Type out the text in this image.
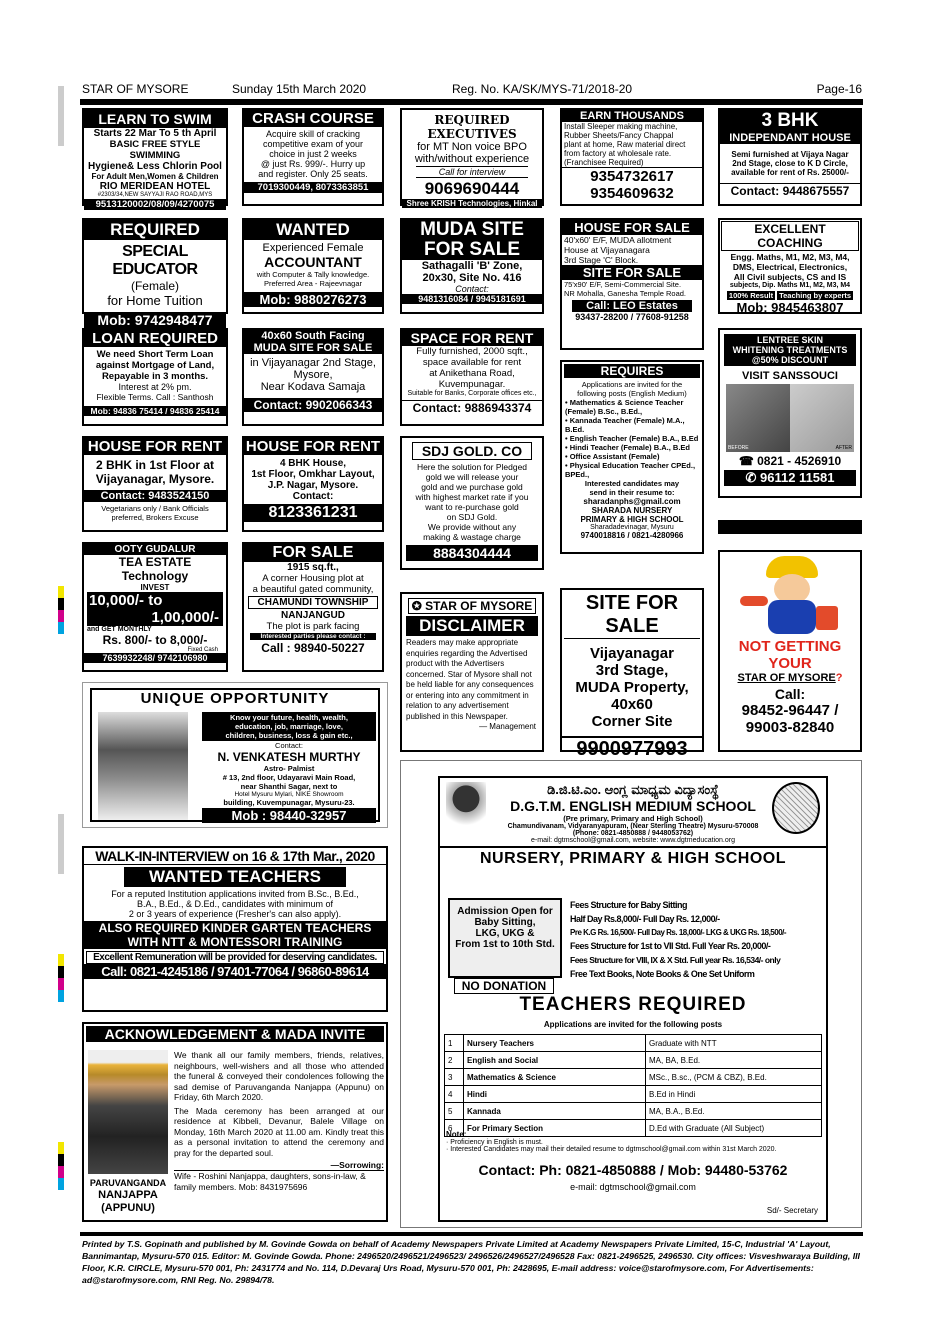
STAR OF MYSORE	Sunday 15th March 2020	Reg. No. KA/SK/MYS-71/2018-20	Page-16
LEARN TO SWIM
Starts 22 Mar To 5 th April
BASIC FREE STYLE SWIMMING
Hygiene& Less Chlorin Pool
For Adult Men,Women & Children
RIO MERIDEAN HOTEL
#2303/34,NEW SAYYAJI RAO ROAD,MYS
9513120002/08/09/4270075
CRASH COURSE
Acquire skill of cracking
competitive exam of your
choice in just 2 weeks
@ just Rs. 999/-. Hurry up
and register. Only 25 seats.
7019300449, 8073363851
REQUIRED EXECUTIVES
for MT Non voice BPO
with/without experience
Call for interview
9069690444
Shree KRISH Technologies, Hinkal
EARN THOUSANDS
Install Sleeper making machine,
Rubber Sheets/Fancy Chappal
plant at home, Raw material direct
from factory at wholesale rate.
(Franchisee Required)
9354732617
9354609632
3 BHK
INDEPENDANT HOUSE
Semi furnished at Vijaya Nagar
2nd Stage, close to K D Circle,
available for rent of Rs. 25000/-
Contact: 9448675557
REQUIRED
SPECIAL EDUCATOR
(Female)
for Home Tuition
Mob: 9742948477
WANTED
Experienced Female
ACCOUNTANT
with Computer & Tally knowledge.
Preferred Area - Rajeevnagar
Mob: 9880276273
MUDA SITE
FOR SALE
Sathagalli 'B' Zone,
20x30, Site No. 416
Contact:
9481316084 / 9945181691
HOUSE FOR SALE
40'x60' E/F, MUDA allotment
House at Vijayanagara
3rd Stage 'C' Block.
SITE FOR SALE
75'x90' E/F, Semi-Commercial Site.
NR Mohalla, Ganesha Temple Road.
Call: LEO Estates
93437-28200 / 77608-91258
EXCELLENT COACHING
Engg. Maths, M1, M2, M3, M4,
DMS, Electrical, Electronics,
All Civil subjects, CS and IS
subjects, Dip. Maths M1, M2, M3, M4
100% Result Teaching by experts
Mob: 9845463807
LOAN REQUIRED
We need Short Term Loan
against Mortgage of Land,
Repayable in 3 months.
Interest at 2% pm.
Flexible Terms. Call : Santhosh
Mob: 94836 75414 / 94836 25414
40x60 South Facing
MUDA SITE FOR SALE
in Vijayanagar 2nd Stage,
Mysore,
Near Kodava Samaja
Contact: 9902066343
SPACE FOR RENT
Fully furnished, 2000 sqft.,
space available for rent
at Anikethana Road,
Kuvempunagar.
Suitable for Banks, Corporate offices etc.,
Contact: 9886943374
REQUIRES
Applications are invited for the
following posts (English Medium)
• Mathematics & Science Teacher (Female) B.Sc., B.Ed.,
• Kannada Teacher (Female) M.A., B.Ed.
• English Teacher (Female) B.A., B.Ed
• Hindi Teacher (Female) B.A., B.Ed
• Office Assistant (Female)
• Physical Education Teacher CPEd., BPEd.,
Interested candidates may
send in their resume to:
sharadanphs@gmail.com
SHARADA NURSERY
PRIMARY & HIGH SCHOOL
Sharadadevinagar, Mysuru
9740018816 / 0821-4280966
LENTREE SKIN
WHITENING TREATMENTS
@50% DISCOUNT
VISIT SANSSOUCI
BEFORE	AFTER
☎ 0821 - 4526910
✆ 96112 11581
HOUSE FOR RENT
2 BHK in 1st Floor at
Vijayanagar, Mysore.
Contact: 9483524150
Vegetarians only / Bank Officials
preferred, Brokers Excuse
HOUSE FOR RENT
4 BHK House,
1st Floor, Omkhar Layout,
J.P. Nagar, Mysore.
Contact:
8123361231
SDJ GOLD. CO
Here the solution for Pledged
gold we will release your
gold and we purchase gold
with highest market rate if you
want to re-purchase gold
on SDJ Gold.
We provide without any
making & wastage charge
8884304444
OOTY GUDALUR
TEA ESTATE Technology
INVEST
10,000/- to
1,00,000/-
and GET MONTHLY
Rs. 800/- to 8,000/-
Fixed Cash
7639932248/ 9742106980
FOR SALE
1915 sq.ft.,
A corner Housing plot at
a beautiful gated community,
CHAMUNDI TOWNSHIP
NANJANGUD
The plot is park facing
Interested parties please contact :
Call : 98940-50227
✪ STAR OF MYSORE
DISCLAIMER
Readers may make appropriate enquiries regarding the Advertised product with the Advertisers concerned. Star of Mysore shall not be held liable for any consequences or entering into any commitment in relation to any advertisement published in this Newspaper.
— Management
SITE FOR SALE
Vijayanagar
3rd Stage,
MUDA Property,
40x60
Corner Site
9900977993
NOT GETTING
YOUR
STAR OF MYSORE?
Call:
98452-96447 /
99003-82840
UNIQUE OPPORTUNITY
Know your future, health, wealth,
education, job, marriage, love,
children, business, loss & gain etc.,
Contact:
N. VENKATESH MURTHY
Astro- Palmist
# 13, 2nd floor, Udayaravi Main Road,
near Shanthi Sagar, next to
Hotel Mysuru Mylari, NIKE Showroom
building, Kuvempunagar, Mysuru-23.
Mob : 98440-32957
WALK-IN-INTERVIEW on 16 & 17th Mar., 2020
WANTED TEACHERS
For a reputed Institution applications invited from B.Sc., B.Ed.,
B.A., B.Ed., & D.Ed., candidates with minimum of
2 or 3 years of experience (Fresher's can also apply).
ALSO REQUIRED KINDER GARTEN TEACHERS
WITH NTT & MONTESSORI TRAINING
Excellent Remuneration will be provided for deserving candidates.
Call: 0821-4245186 / 97401-77064 / 96860-89614
ACKNOWLEDGEMENT & MADA INVITE
PARUVANGANDA
NANJAPPA
(APPUNU)
We thank all our family members, friends, relatives, neighbours, well-wishers and all those who attended the funeral & conveyed their condolences following the sad demise of Paruvanganda Nanjappa (Appunu) on Friday, 6th March 2020.
The Mada ceremony has been arranged at our residence at Kibbeli, Devanur, Balele Village on Monday, 16th March 2020 at 11.00 am. Kindly treat this as a personal invitation to attend the ceremony and pray for the departed soul.
—Sorrowing:
Wife - Roshini Nanjappa, daughters, sons-in-law, & family members. Mob: 8431975696
ಡಿ.ಜಿ.ಟಿ.ಎಂ. ಆಂಗ್ಲ ಮಾಧ್ಯಮ ವಿದ್ಯಾಸಂಸ್ಥೆ
D.G.T.M. ENGLISH MEDIUM SCHOOL
(Pre primary, Primary and High School)
Chamundivanam, Vidyaranyapuram, (Near Sterling Theatre) Mysuru-570008
(Phone: 0821-4850888 / 9448053762)
e-mail: dgtmschool@gmail.com, website: www.dgtmeducation.org
NURSERY, PRIMARY & HIGH SCHOOL
Admission Open for
Baby Sitting,
LKG, UKG &
From 1st to 10th Std.
NO DONATION
Fees Structure for Baby Sitting
Half Day Rs.8,000/- Full Day Rs. 12,000/-
Pre K.G Rs. 16,500/- Full Day Rs. 18,000/- LKG & UKG Rs. 18,500/-
Fees Structure for 1st to VII Std. Full Year Rs. 20,000/-
Fees Structure for VIII, IX & X Std. Full year Rs. 16,534/- only
Free Text Books, Note Books & One Set Uniform
TEACHERS REQUIRED
Applications are invited for the following posts
1	Nursery Teachers	Graduate with NTT
2	English and Social	MA, BA, B.Ed.
3	Mathematics & Science	MSc., B.sc., (PCM & CBZ), B.Ed.
4	Hindi	B.Ed in Hindi
5	Kannada	MA, B.A., B.Ed.
6	For Primary Section	D.Ed with Graduate (All Subject)
Note:
· Proficiency in English is must.
· Interested Candidates may mail their detailed resume to dgtmschool@gmail.com within 31st March 2020.
Contact: Ph: 0821-4850888 / Mob: 94480-53762
e-mail: dgtmschool@gmail.com
Sd/- Secretary
Printed by T.S. Gopinath and published by M. Govinde Gowda on behalf of Academy Newspapers Private Limited at Academy Newspapers Private Limited, 15-C, Industrial 'A' Layout, Bannimantap, Mysuru-570 015. Editor: M. Govinde Gowda. Phone: 2496520/2496521/2496523/ 2496526/2496527/2496528 Fax: 0821-2496525, 2496530. City offices: Visveshwaraya Building, III Floor, K.R. CIRCLE, Mysuru-570 001, Ph: 2431774 and No. 114, D.Devaraj Urs Road, Mysuru-570 001, Ph: 2428695, E-mail address: voice@starofmysore.com, For Advertisements: ad@starofmysore.com, RNI Reg. No. 29894/78.
